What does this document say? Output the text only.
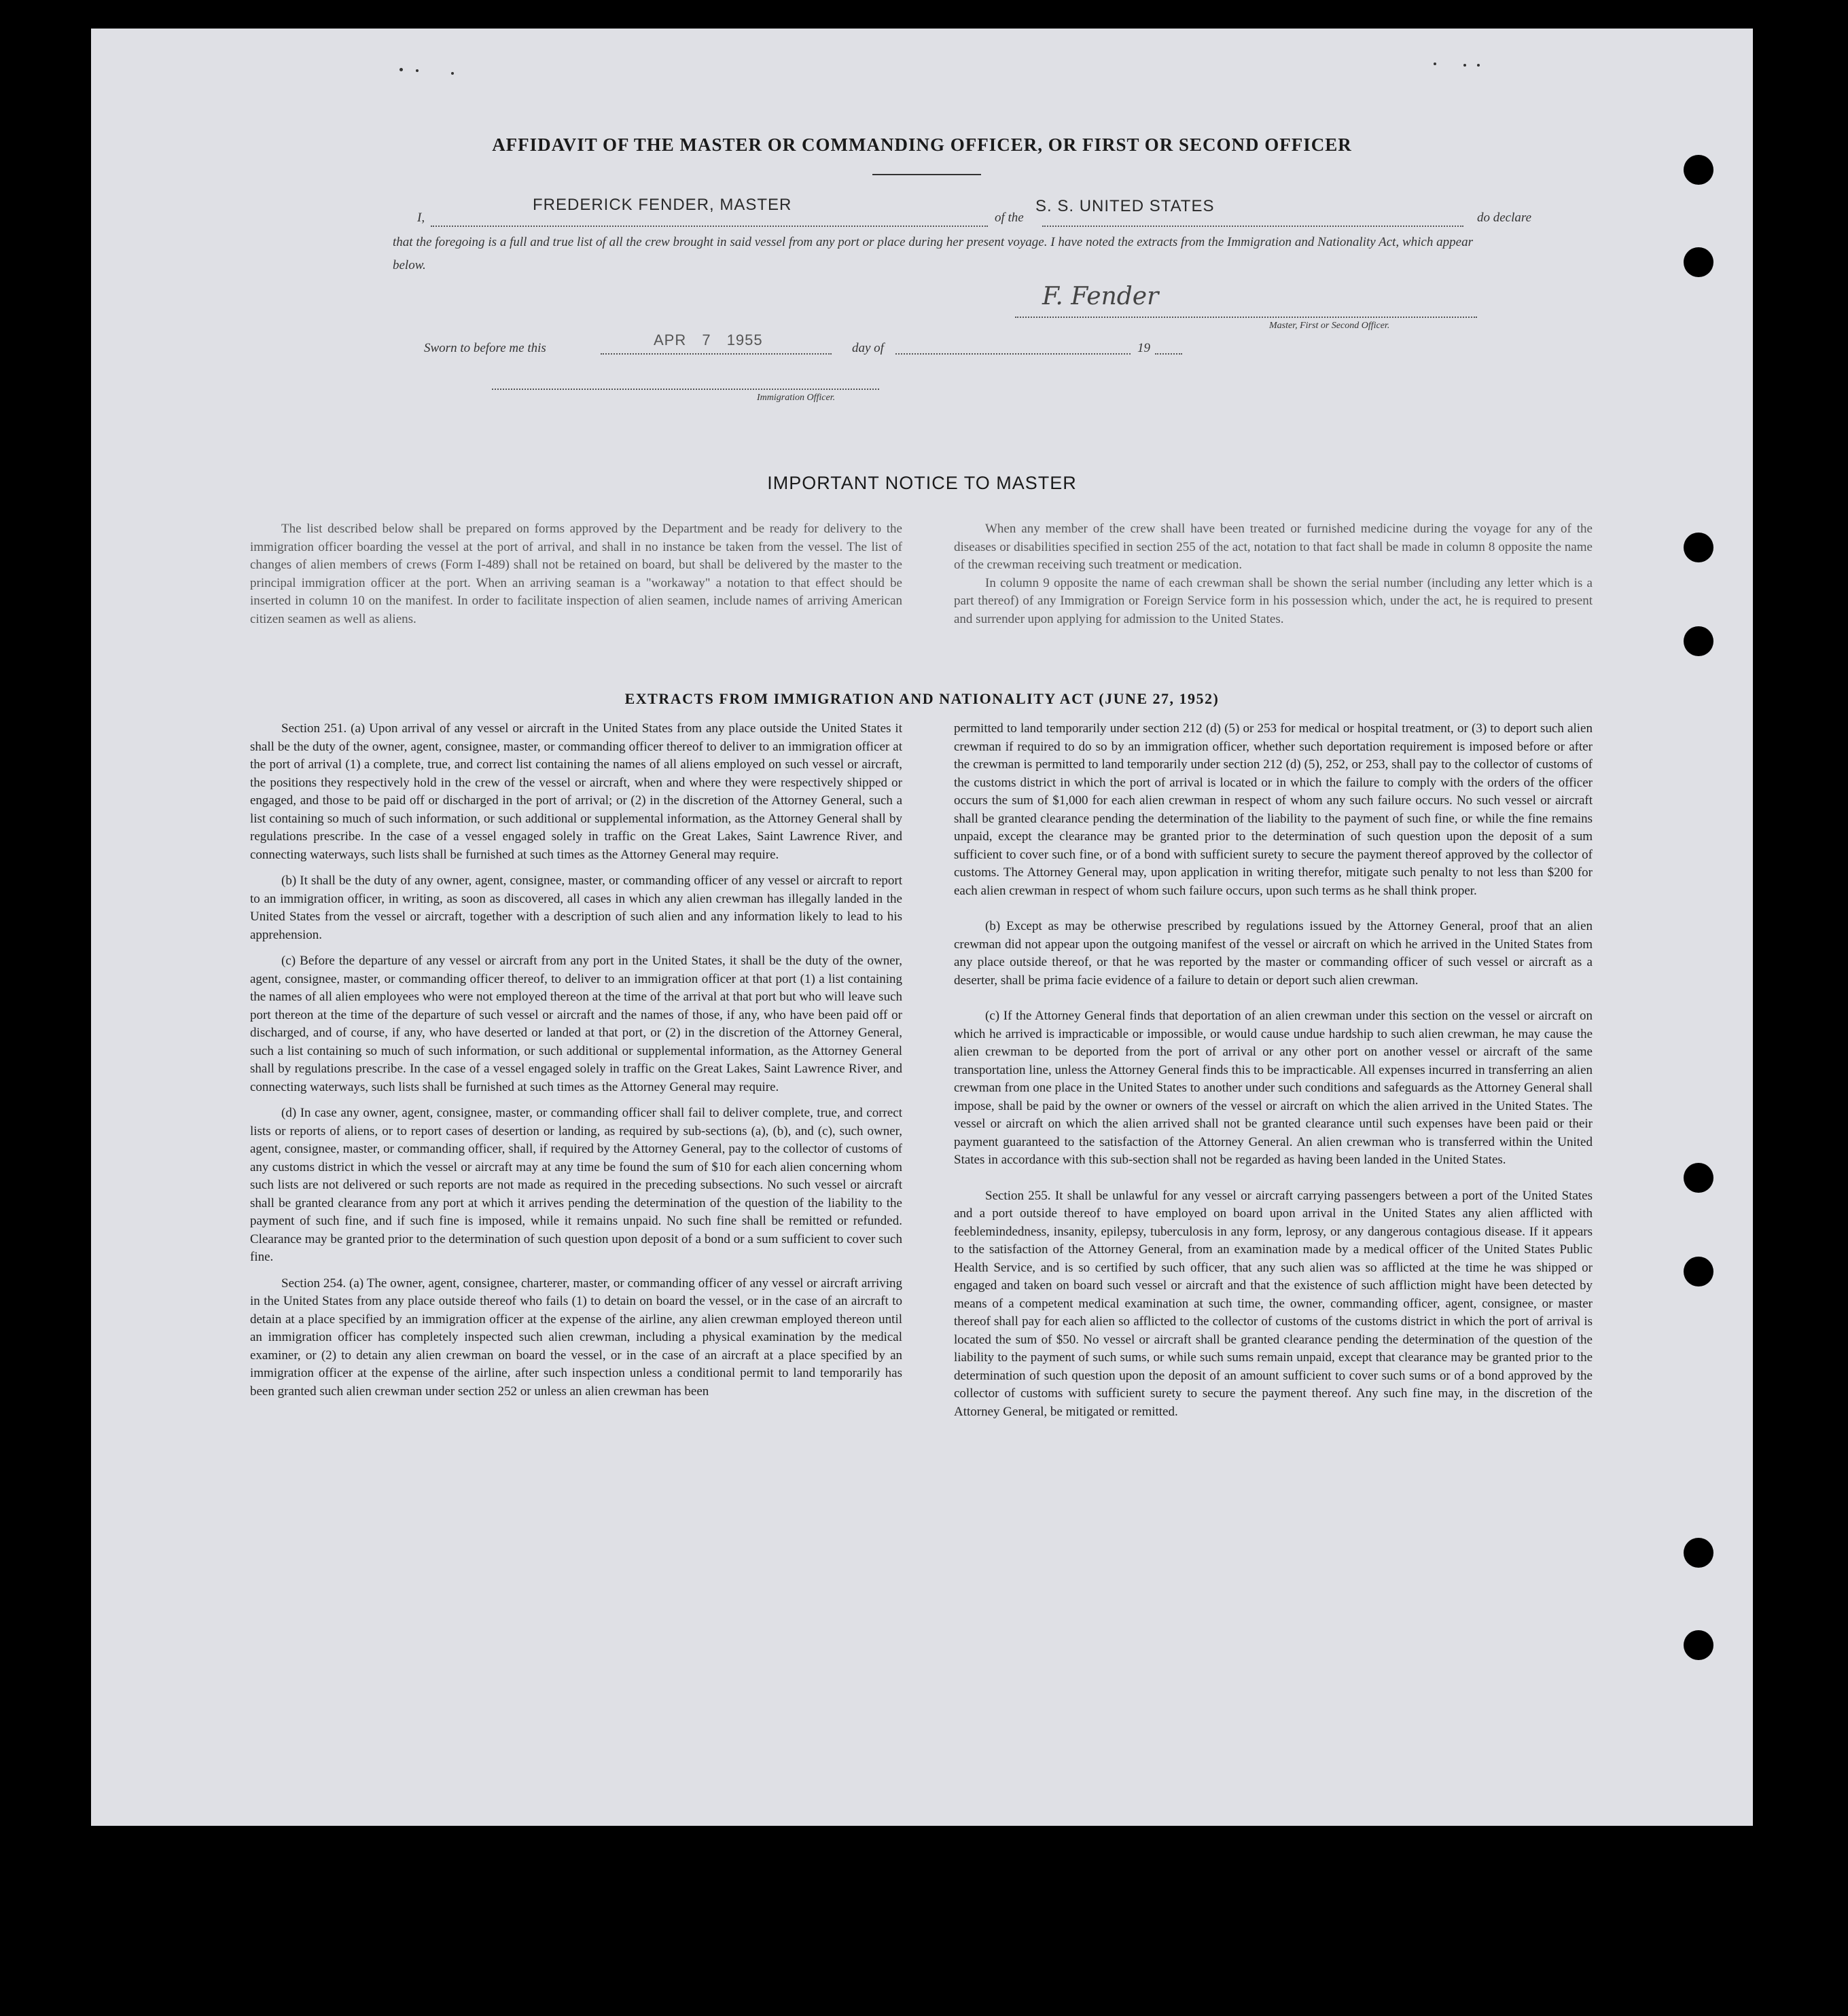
AFFIDAVIT OF THE MASTER OR COMMANDING OFFICER, OR FIRST OR SECOND OFFICER
I,
FREDERICK FENDER, MASTER
of the
S. S. UNITED STATES
do declare
that the foregoing is a full and true list of all the crew brought in said vessel from any port or place during her present voyage. I have noted the extracts from the Immigration and Nationality Act, which appear below.
F. Fender
Master, First or Second Officer.
Sworn to before me this	APR 7 1955	day of	19
Immigration Officer.
IMPORTANT NOTICE TO MASTER

The list described below shall be prepared on forms approved by the Department and be ready for delivery to the immigration officer boarding the vessel at the port of arrival, and shall in no instance be taken from the vessel. The list of changes of alien members of crews (Form I-489) shall not be retained on board, but shall be delivered by the master to the principal immigration officer at the port. When an arriving seaman is a "workaway" a notation to that effect should be inserted in column 10 on the manifest. In order to facilitate inspection of alien seamen, include names of arriving American citizen seamen as well as aliens.

When any member of the crew shall have been treated or furnished medicine during the voyage for any of the diseases or disabilities specified in section 255 of the act, notation to that fact shall be made in column 8 opposite the name of the crewman receiving such treatment or medication.

In column 9 opposite the name of each crewman shall be shown the serial number (including any letter which is a part thereof) of any Immigration or Foreign Service form in his possession which, under the act, he is required to present and surrender upon applying for admission to the United States.

EXTRACTS FROM IMMIGRATION AND NATIONALITY ACT (JUNE 27, 1952)

Section 251. (a) Upon arrival of any vessel or aircraft in the United States from any place outside the United States it shall be the duty of the owner, agent, consignee, master, or commanding officer thereof to deliver to an immigration officer at the port of arrival (1) a complete, true, and correct list containing the names of all aliens employed on such vessel or aircraft, the positions they respectively hold in the crew of the vessel or aircraft, when and where they were respectively shipped or engaged, and those to be paid off or discharged in the port of arrival; or (2) in the discretion of the Attorney General, such a list containing so much of such information, or such additional or supplemental information, as the Attorney General shall by regulations prescribe. In the case of a vessel engaged solely in traffic on the Great Lakes, Saint Lawrence River, and connecting waterways, such lists shall be furnished at such times as the Attorney General may require.

(b) It shall be the duty of any owner, agent, consignee, master, or commanding officer of any vessel or aircraft to report to an immigration officer, in writing, as soon as discovered, all cases in which any alien crewman has illegally landed in the United States from the vessel or aircraft, together with a description of such alien and any information likely to lead to his apprehension.

(c) Before the departure of any vessel or aircraft from any port in the United States, it shall be the duty of the owner, agent, consignee, master, or commanding officer thereof, to deliver to an immigration officer at that port (1) a list containing the names of all alien employees who were not employed thereon at the time of the arrival at that port but who will leave such port thereon at the time of the departure of such vessel or aircraft and the names of those, if any, who have been paid off or discharged, and of course, if any, who have deserted or landed at that port, or (2) in the discretion of the Attorney General, such a list containing so much of such information, or such additional or supplemental information, as the Attorney General shall by regulations prescribe. In the case of a vessel engaged solely in traffic on the Great Lakes, Saint Lawrence River, and connecting waterways, such lists shall be furnished at such times as the Attorney General may require.

(d) In case any owner, agent, consignee, master, or commanding officer shall fail to deliver complete, true, and correct lists or reports of aliens, or to report cases of desertion or landing, as required by sub-sections (a), (b), and (c), such owner, agent, consignee, master, or commanding officer, shall, if required by the Attorney General, pay to the collector of customs of any customs district in which the vessel or aircraft may at any time be found the sum of $10 for each alien concerning whom such lists are not delivered or such reports are not made as required in the preceding subsections. No such vessel or aircraft shall be granted clearance from any port at which it arrives pending the determination of the question of the liability to the payment of such fine, and if such fine is imposed, while it remains unpaid. No such fine shall be remitted or refunded. Clearance may be granted prior to the determination of such question upon deposit of a bond or a sum sufficient to cover such fine.

Section 254. (a) The owner, agent, consignee, charterer, master, or commanding officer of any vessel or aircraft arriving in the United States from any place outside thereof who fails (1) to detain on board the vessel, or in the case of an aircraft to detain at a place specified by an immigration officer at the expense of the airline, any alien crewman employed thereon until an immigration officer has completely inspected such alien crewman, including a physical examination by the medical examiner, or (2) to detain any alien crewman on board the vessel, or in the case of an aircraft at a place specified by an immigration officer at the expense of the airline, after such inspection unless a conditional permit to land temporarily has been granted such alien crewman under section 252 or unless an alien crewman has been

permitted to land temporarily under section 212 (d) (5) or 253 for medical or hospital treatment, or (3) to deport such alien crewman if required to do so by an immigration officer, whether such deportation requirement is imposed before or after the crewman is permitted to land temporarily under section 212 (d) (5), 252, or 253, shall pay to the collector of customs of the customs district in which the port of arrival is located or in which the failure to comply with the orders of the officer occurs the sum of $1,000 for each alien crewman in respect of whom any such failure occurs. No such vessel or aircraft shall be granted clearance pending the determination of the liability to the payment of such fine, or while the fine remains unpaid, except the clearance may be granted prior to the determination of such question upon the deposit of a sum sufficient to cover such fine, or of a bond with sufficient surety to secure the payment thereof approved by the collector of customs. The Attorney General may, upon application in writing therefor, mitigate such penalty to not less than $200 for each alien crewman in respect of whom such failure occurs, upon such terms as he shall think proper.

(b) Except as may be otherwise prescribed by regulations issued by the Attorney General, proof that an alien crewman did not appear upon the outgoing manifest of the vessel or aircraft on which he arrived in the United States from any place outside thereof, or that he was reported by the master or commanding officer of such vessel or aircraft as a deserter, shall be prima facie evidence of a failure to detain or deport such alien crewman.

(c) If the Attorney General finds that deportation of an alien crewman under this section on the vessel or aircraft on which he arrived is impracticable or impossible, or would cause undue hardship to such alien crewman, he may cause the alien crewman to be deported from the port of arrival or any other port on another vessel or aircraft of the same transportation line, unless the Attorney General finds this to be impracticable. All expenses incurred in transferring an alien crewman from one place in the United States to another under such conditions and safeguards as the Attorney General shall impose, shall be paid by the owner or owners of the vessel or aircraft on which the alien arrived in the United States. The vessel or aircraft on which the alien arrived shall not be granted clearance until such expenses have been paid or their payment guaranteed to the satisfaction of the Attorney General. An alien crewman who is transferred within the United States in accordance with this sub-section shall not be regarded as having been landed in the United States.

Section 255. It shall be unlawful for any vessel or aircraft carrying passengers between a port of the United States and a port outside thereof to have employed on board upon arrival in the United States any alien afflicted with feeblemindedness, insanity, epilepsy, tuberculosis in any form, leprosy, or any dangerous contagious disease. If it appears to the satisfaction of the Attorney General, from an examination made by a medical officer of the United States Public Health Service, and is so certified by such officer, that any such alien was so afflicted at the time he was shipped or engaged and taken on board such vessel or aircraft and that the existence of such affliction might have been detected by means of a competent medical examination at such time, the owner, commanding officer, agent, consignee, or master thereof shall pay for each alien so afflicted to the collector of customs of the customs district in which the port of arrival is located the sum of $50. No vessel or aircraft shall be granted clearance pending the determination of the question of the liability to the payment of such sums, or while such sums remain unpaid, except that clearance may be granted prior to the determination of such question upon the deposit of an amount sufficient to cover such sums or of a bond approved by the collector of customs with sufficient surety to secure the payment thereof. Any such fine may, in the discretion of the Attorney General, be mitigated or remitted.
